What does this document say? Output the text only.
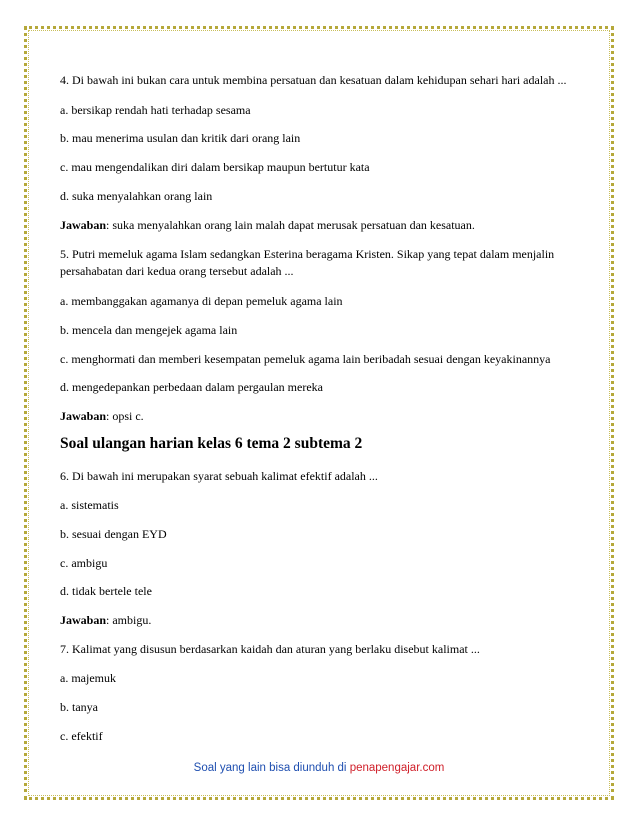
4. Di bawah ini bukan cara untuk membina persatuan dan kesatuan dalam kehidupan sehari hari adalah ...

a. bersikap rendah hati terhadap sesama

b. mau menerima usulan dan kritik dari orang lain

c. mau mengendalikan diri dalam bersikap maupun bertutur kata

d. suka menyalahkan orang lain

Jawaban: suka menyalahkan orang lain malah dapat merusak persatuan dan kesatuan.

5. Putri memeluk agama Islam sedangkan Esterina beragama Kristen. Sikap yang tepat dalam menjalin

persahabatan dari kedua orang tersebut adalah ...

a. membanggakan agamanya di depan pemeluk agama lain

b. mencela dan mengejek agama lain

c. menghormati dan memberi kesempatan pemeluk agama lain beribadah sesuai dengan keyakinannya

d. mengedepankan perbedaan dalam pergaulan mereka

Jawaban: opsi c.

Soal ulangan harian kelas 6 tema 2 subtema 2

6. Di bawah ini merupakan syarat sebuah kalimat efektif adalah ...

a. sistematis

b. sesuai dengan EYD

c. ambigu

d. tidak bertele tele

Jawaban: ambigu.

7. Kalimat yang disusun berdasarkan kaidah dan aturan yang berlaku disebut kalimat ...

a. majemuk

b. tanya

c. efektif

Soal yang lain bisa diunduh di penapengajar.com
